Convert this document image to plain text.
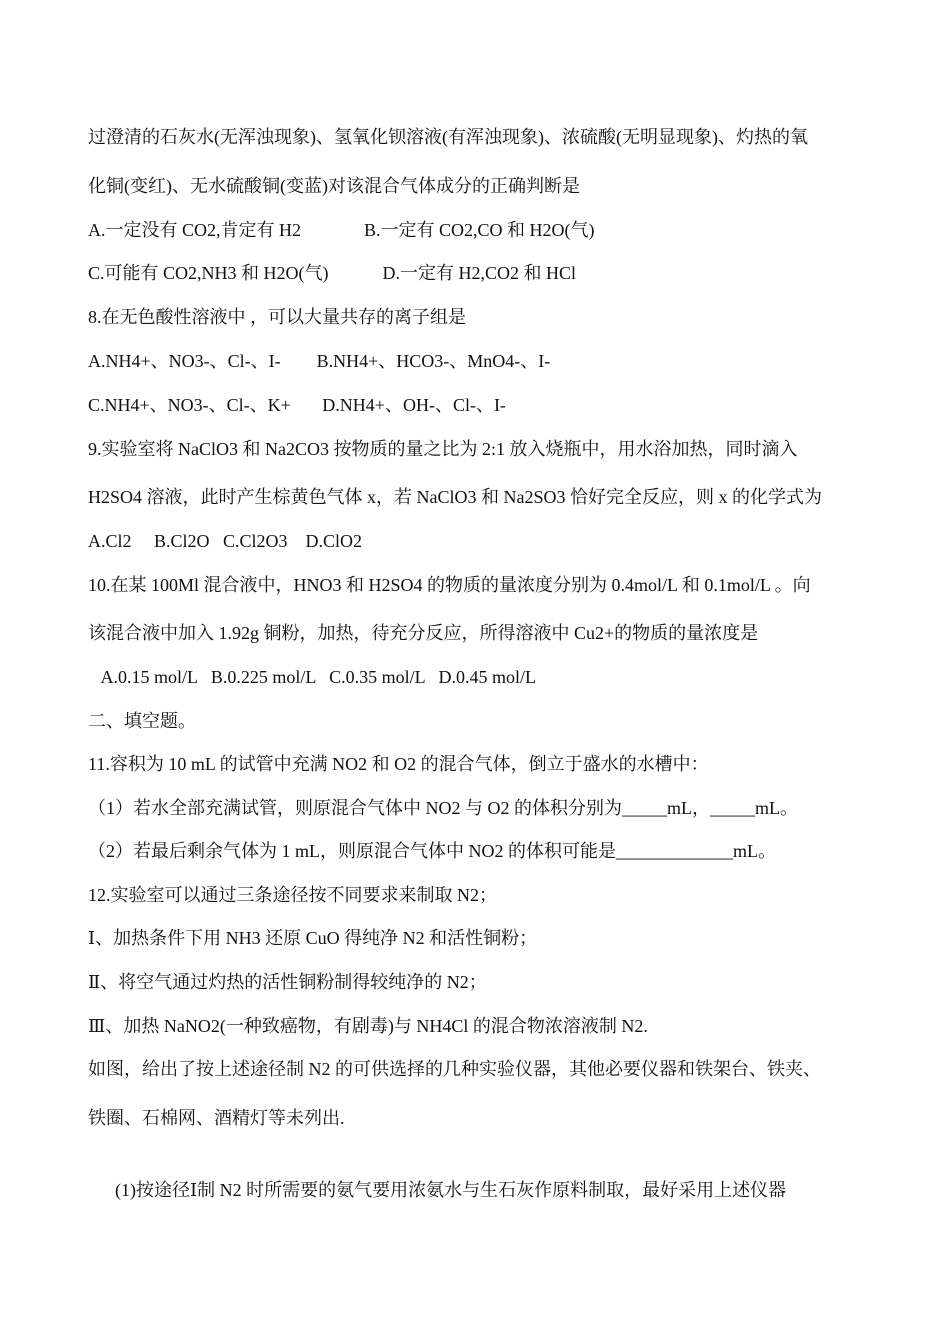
过澄清的石灰水(无浑浊现象)、氢氧化钡溶液(有浑浊现象)、浓硫酸(无明显现象)、灼热的氧

化铜(变红)、无水硫酸铜(变蓝)对该混合气体成分的正确判断是

A.一定没有 CO2,肯定有 H2              B.一定有 CO2,CO 和 H2O(气)

C.可能有 CO2,NH3 和 H2O(气)            D.一定有 H2,CO2 和 HCl

8.在无色酸性溶液中 ，可以大量共存的离子组是

A.NH4+、NO3-、Cl-、I-        B.NH4+、HCO3-、MnO4-、I-

C.NH4+、NO3-、Cl-、K+       D.NH4+、OH-、Cl-、I-

9.实验室将 NaClO3 和 Na2CO3 按物质的量之比为 2:1 放入烧瓶中，用水浴加热，同时滴入

H2SO4 溶液，此时产生棕黄色气体 x，若 NaClO3 和 Na2SO3 恰好完全反应，则 x 的化学式为

A.Cl2     B.Cl2O   C.Cl2O3    D.ClO2

10.在某 100Ml 混合液中，HNO3 和 H2SO4 的物质的量浓度分别为 0.4mol/L 和 0.1mol/L 。向

该混合液中加入 1.92g 铜粉，加热，待充分反应，所得溶液中 Cu2+的物质的量浓度是

A.0.15 mol/L   B.0.225 mol/L   C.0.35 mol/L   D.0.45 mol/L

二、填空题。

11.容积为 10 mL 的试管中充满 NO2 和 O2 的混合气体，倒立于盛水的水槽中：

（1）若水全部充满试管，则原混合气体中 NO2 与 O2 的体积分别为_____mL，_____mL。

（2）若最后剩余气体为 1 mL，则原混合气体中 NO2 的体积可能是_____________mL。

12.实验室可以通过三条途径按不同要求来制取 N2；

Ⅰ、加热条件下用 NH3 还原 CuO 得纯净 N2 和活性铜粉；

Ⅱ、将空气通过灼热的活性铜粉制得较纯净的 N2；

Ⅲ、加热 NaNO2(一种致癌物，有剧毒)与 NH4Cl 的混合物浓溶液制 N2.

如图，给出了按上述途径制 N2 的可供选择的几种实验仪器，其他必要仪器和铁架台、铁夹、

铁圈、石棉网、酒精灯等未列出.

(1)按途径Ⅰ制 N2 时所需要的氨气要用浓氨水与生石灰作原料制取，最好采用上述仪器
